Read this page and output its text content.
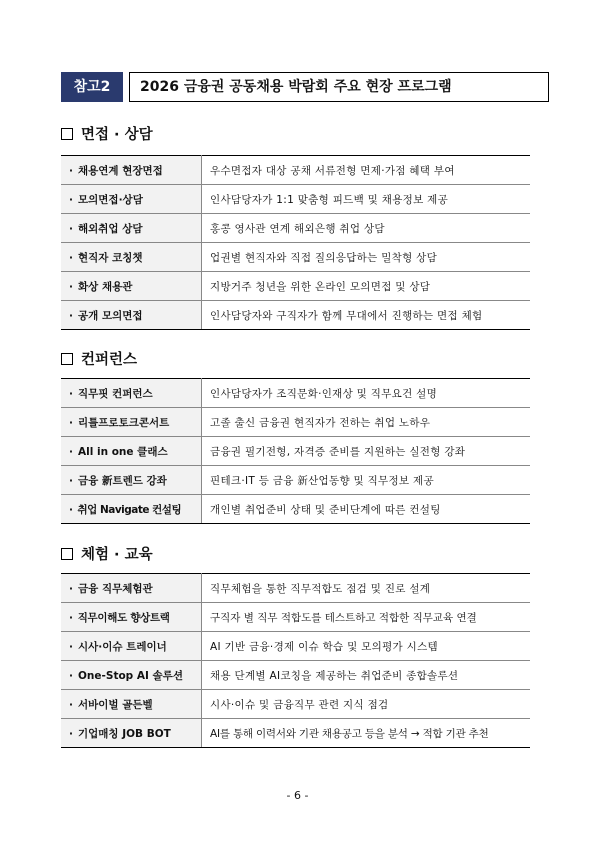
참고2	2026 금융권 공동채용 박람회 주요 현장 프로그램
면접 · 상담
· 채용연계 현장면접	우수면접자 대상 공채 서류전형 면제·가점 혜택 부여
· 모의면접·상담	인사담당자가 1:1 맞춤형 피드백 및 채용정보 제공
· 해외취업 상담	홍콩 영사관 연계 해외은행 취업 상담
· 현직자 코칭챗	업권별 현직자와 직접 질의응답하는 밀착형 상담
· 화상 채용관	지방거주 청년을 위한 온라인 모의면접 및 상담
· 공개 모의면접	인사담당자와 구직자가 함께 무대에서 진행하는 면접 체험
컨퍼런스
· 직무핏 컨퍼런스	인사담당자가 조직문화·인재상 및 직무요건 설명
· 리틀프로토크콘서트	고졸 출신 금융권 현직자가 전하는 취업 노하우
· All in one 클래스	금융권 필기전형, 자격증 준비를 지원하는 실전형 강좌
· 금융 新트렌드 강좌	핀테크·IT 등 금융 新산업동향 및 직무정보 제공
· 취업 Navigate 컨설팅	개인별 취업준비 상태 및 준비단계에 따른 컨설팅
체험 · 교육
· 금융 직무체험관	직무체험을 통한 직무적합도 점검 및 진로 설계
· 직무이해도 향상트랙	구직자 별 직무 적합도를 테스트하고 적합한 직무교육 연결
· 시사·이슈 트레이너	AI 기반 금융·경제 이슈 학습 및 모의평가 시스템
· One-Stop AI 솔루션	채용 단계별 AI코칭을 제공하는 취업준비 종합솔루션
· 서바이벌 골든벨	시사·이슈 및 금융직무 관련 지식 점검
· 기업매칭 JOB BOT	AI를 통해 이력서와 기관 채용공고 등을 분석 → 적합 기관 추천
- 6 -
